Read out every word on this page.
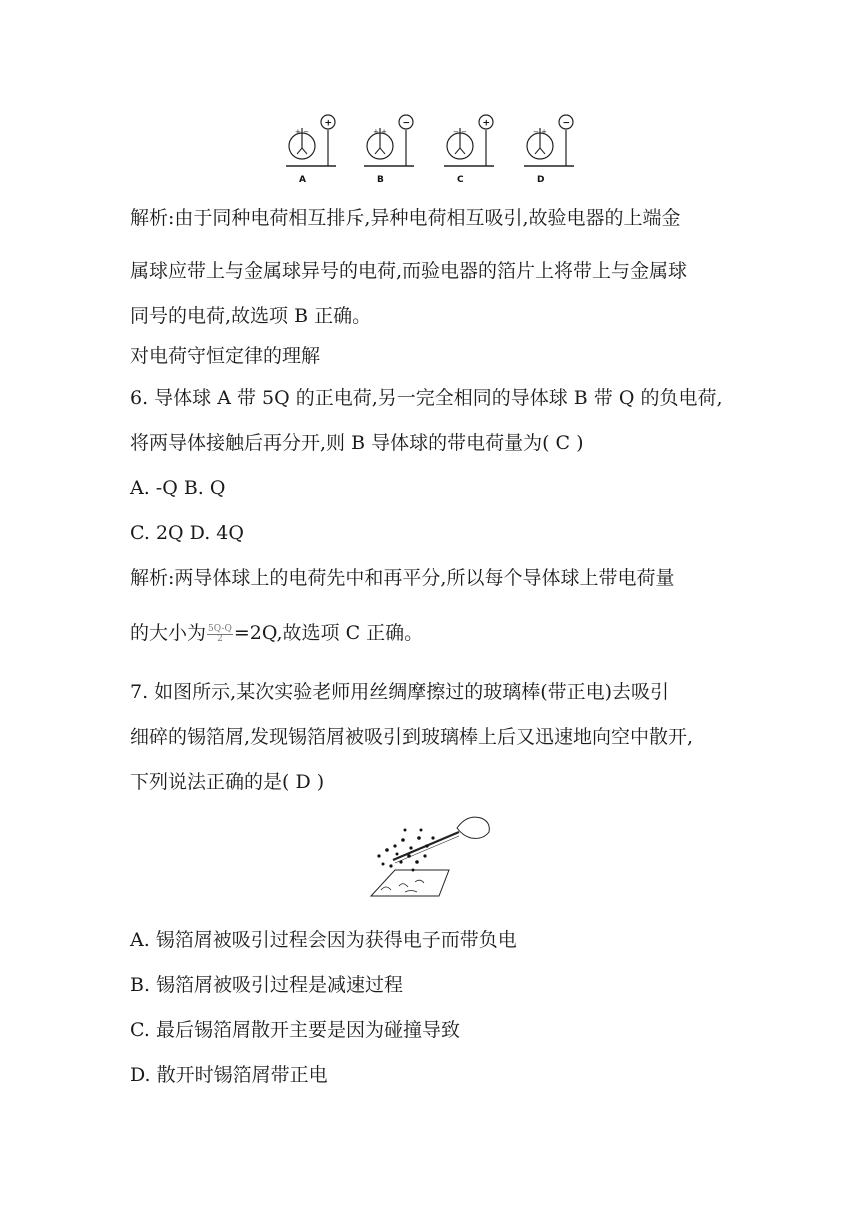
+ −
+
A
+ +
−
B
− −
+
C
− +
−
D

解析:由于同种电荷相互排斥,异种电荷相互吸引,故验电器的上端金

属球应带上与金属球异号的电荷,而验电器的箔片上将带上与金属球

同号的电荷,故选项 B 正确。

对电荷守恒定律的理解

6. 导体球 A 带 5Q 的正电荷,另一完全相同的导体球 B 带 Q 的负电荷,

将两导体接触后再分开,则 B 导体球的带电荷量为( C )

A. -Q B. Q

C. 2Q D. 4Q

解析:两导体球上的电荷先中和再平分,所以每个导体球上带电荷量

的大小为 $\frac{5Q-Q}{2} =2Q$,故选项 C 正确。

7. 如图所示,某次实验老师用丝绸摩擦过的玻璃棒(带正电)去吸引

细碎的锡箔屑,发现锡箔屑被吸引到玻璃棒上后又迅速地向空中散开,

下列说法正确的是( D )

A. 锡箔屑被吸引过程会因为获得电子而带负电

B. 锡箔屑被吸引过程是减速过程

C. 最后锡箔屑散开主要是因为碰撞导致

D. 散开时锡箔屑带正电
